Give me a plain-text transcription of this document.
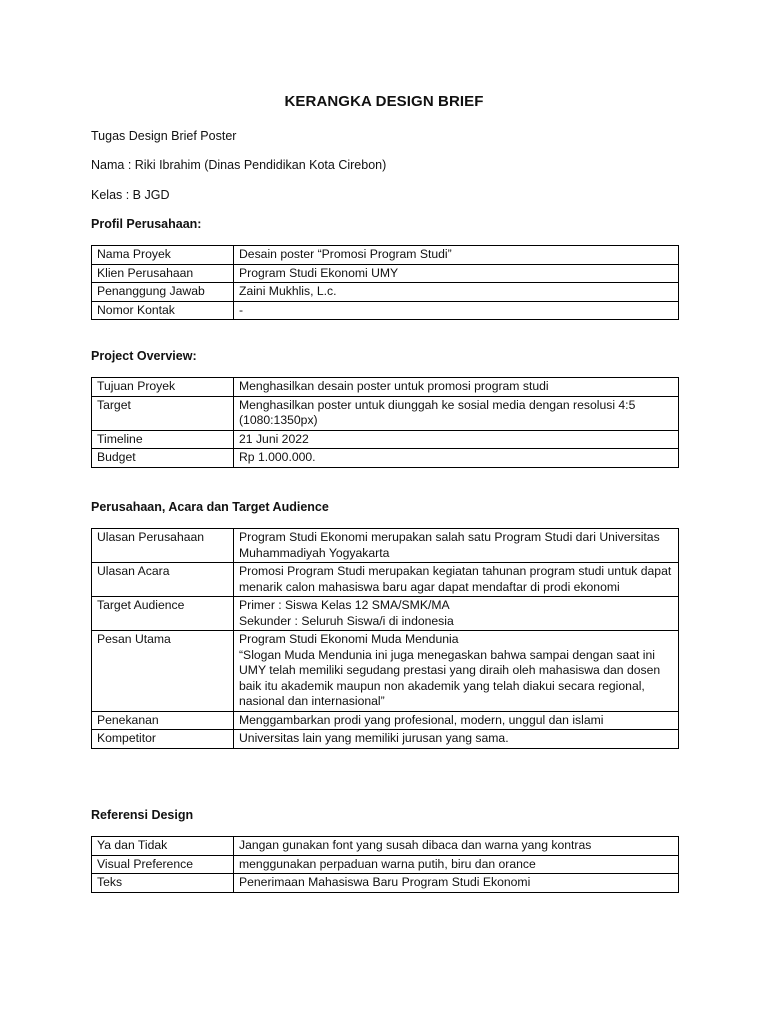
KERANGKA DESIGN BRIEF
Tugas Design Brief Poster
Nama : Riki Ibrahim (Dinas Pendidikan Kota Cirebon)
Kelas : B JGD
Profil Perusahaan:
Nama Proyek	Desain poster “Promosi Program Studi”
Klien Perusahaan	Program Studi Ekonomi UMY
Penanggung Jawab	Zaini Mukhlis, L.c.
Nomor Kontak	-
Project Overview:
Tujuan Proyek	Menghasilkan desain poster untuk promosi program studi
Target	Menghasilkan poster untuk diunggah ke sosial media dengan resolusi 4:5 (1080:1350px)
Timeline	21 Juni 2022
Budget	Rp 1.000.000.
Perusahaan, Acara dan Target Audience
Ulasan Perusahaan	Program Studi Ekonomi merupakan salah satu Program Studi dari Universitas Muhammadiyah Yogyakarta
Ulasan Acara	Promosi Program Studi merupakan kegiatan tahunan program studi untuk dapat menarik calon mahasiswa baru agar dapat mendaftar di prodi ekonomi
Target Audience	Primer : Siswa Kelas 12 SMA/SMK/MA
Sekunder : Seluruh Siswa/i di indonesia
Pesan Utama	Program Studi Ekonomi Muda Mendunia
“Slogan Muda Mendunia ini juga menegaskan bahwa sampai dengan saat ini UMY telah memiliki segudang prestasi yang diraih oleh mahasiswa dan dosen baik itu akademik maupun non akademik yang telah diakui secara regional, nasional dan internasional”
Penekanan	Menggambarkan prodi yang profesional, modern, unggul dan islami
Kompetitor	Universitas lain yang memiliki jurusan yang sama.
Referensi Design
Ya dan Tidak	Jangan gunakan font yang susah dibaca dan warna yang kontras
Visual Preference	menggunakan perpaduan warna putih, biru dan orance
Teks	Penerimaan Mahasiswa Baru Program Studi Ekonomi
